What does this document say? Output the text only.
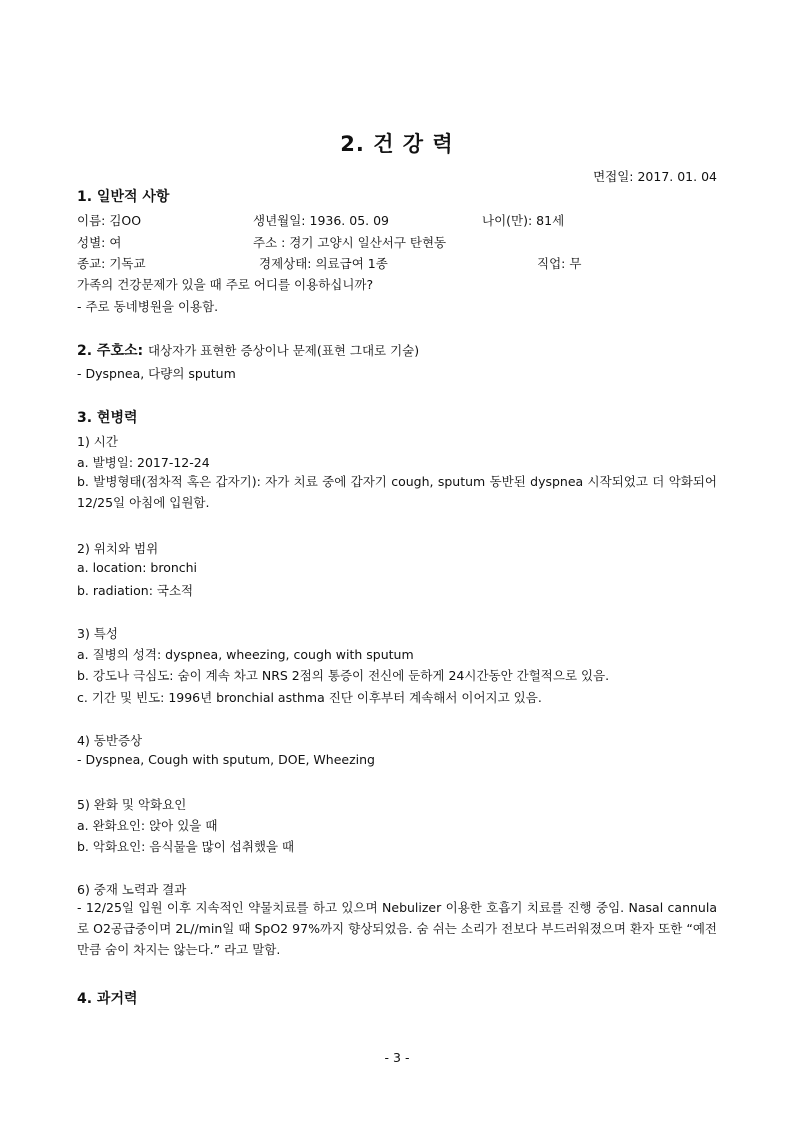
2. 건 강 력
면접일: 2017. 01. 04
1. 일반적 사항
이름: 김OO	생년월일: 1936. 05. 09	나이(만): 81세
성별: 여	주소 : 경기 고양시 일산서구 탄현동
종교: 기독교	경제상태: 의료급여 1종	직업: 무
가족의 건강문제가 있을 때 주로 어디를 이용하십니까?
- 주로 동네병원을 이용함.
2. 주호소: 대상자가 표현한 증상이나 문제(표현 그대로 기술)
- Dyspnea, 다량의 sputum
3. 현병력
1) 시간
a. 발병일: 2017-12-24
b. 발병형태(점차적 혹은 갑자기): 자가 치료 중에 갑자기 cough, sputum 동반된 dyspnea 시작되었고 더 악화되어 12/25일 아침에 입원함.
2) 위치와 범위
a. location: bronchi
b. radiation: 국소적
3) 특성
a. 질병의 성격: dyspnea, wheezing, cough with sputum
b. 강도나 극심도: 숨이 계속 차고 NRS 2점의 통증이 전신에 둔하게 24시간동안 간헐적으로 있음.
c. 기간 및 빈도: 1996년 bronchial asthma 진단 이후부터 계속해서 이어지고 있음.
4) 동반증상
- Dyspnea, Cough with sputum, DOE, Wheezing
5) 완화 및 악화요인
a. 완화요인: 앉아 있을 때
b. 악화요인: 음식물을 많이 섭취했을 때
6) 중재 노력과 결과
- 12/25일 입원 이후 지속적인 약물치료를 하고 있으며 Nebulizer 이용한 호흡기 치료를 진행 중임. Nasal cannula로 O2공급중이며 2L//min일 때 SpO2 97%까지 향상되었음. 숨 쉬는 소리가 전보다 부드러워졌으며 환자 또한 “예전만큼 숨이 차지는 않는다.” 라고 말함.
4. 과거력
- 3 -
